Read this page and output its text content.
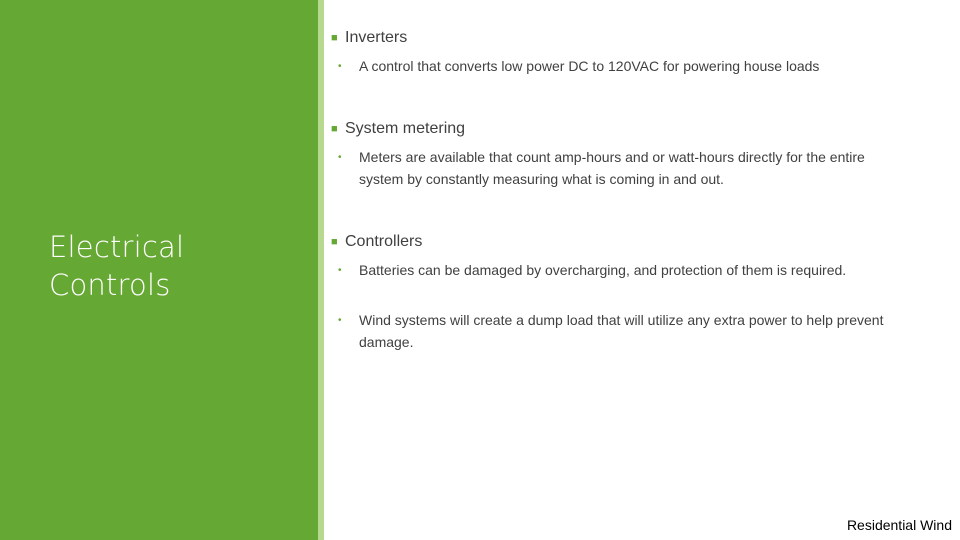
Electrical
Controls
■ Inverters
• A control that converts low power DC to 120VAC for powering house loads
■ System metering
• Meters are available that count amp-hours and or watt-hours directly for the entire system by constantly measuring what is coming in and out.
■ Controllers
• Batteries can be damaged by overcharging, and protection of them is required.
• Wind systems will create a dump load that will utilize any extra power to help prevent damage.
Residential Wind
